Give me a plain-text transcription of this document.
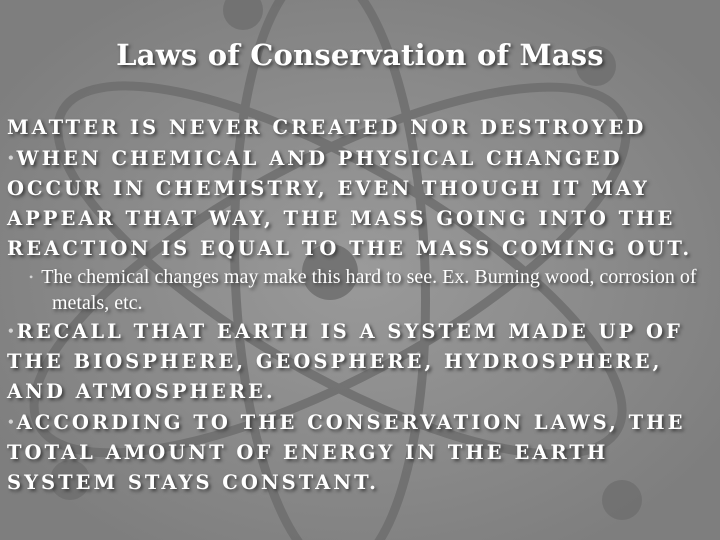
Laws of Conservation of Mass

MATTER IS NEVER CREATED NOR DESTROYED

• WHEN CHEMICAL AND PHYSICAL CHANGED OCCUR IN CHEMISTRY, EVEN THOUGH IT MAY APPEAR THAT WAY, THE MASS GOING INTO THE REACTION IS EQUAL TO THE MASS COMING OUT.

• The chemical changes may make this hard to see. Ex. Burning wood, corrosion of metals, etc.

• RECALL THAT EARTH IS A SYSTEM MADE UP OF THE BIOSPHERE, GEOSPHERE, HYDROSPHERE, AND ATMOSPHERE.

• ACCORDING TO THE CONSERVATION LAWS, THE TOTAL AMOUNT OF ENERGY IN THE EARTH SYSTEM STAYS CONSTANT.
